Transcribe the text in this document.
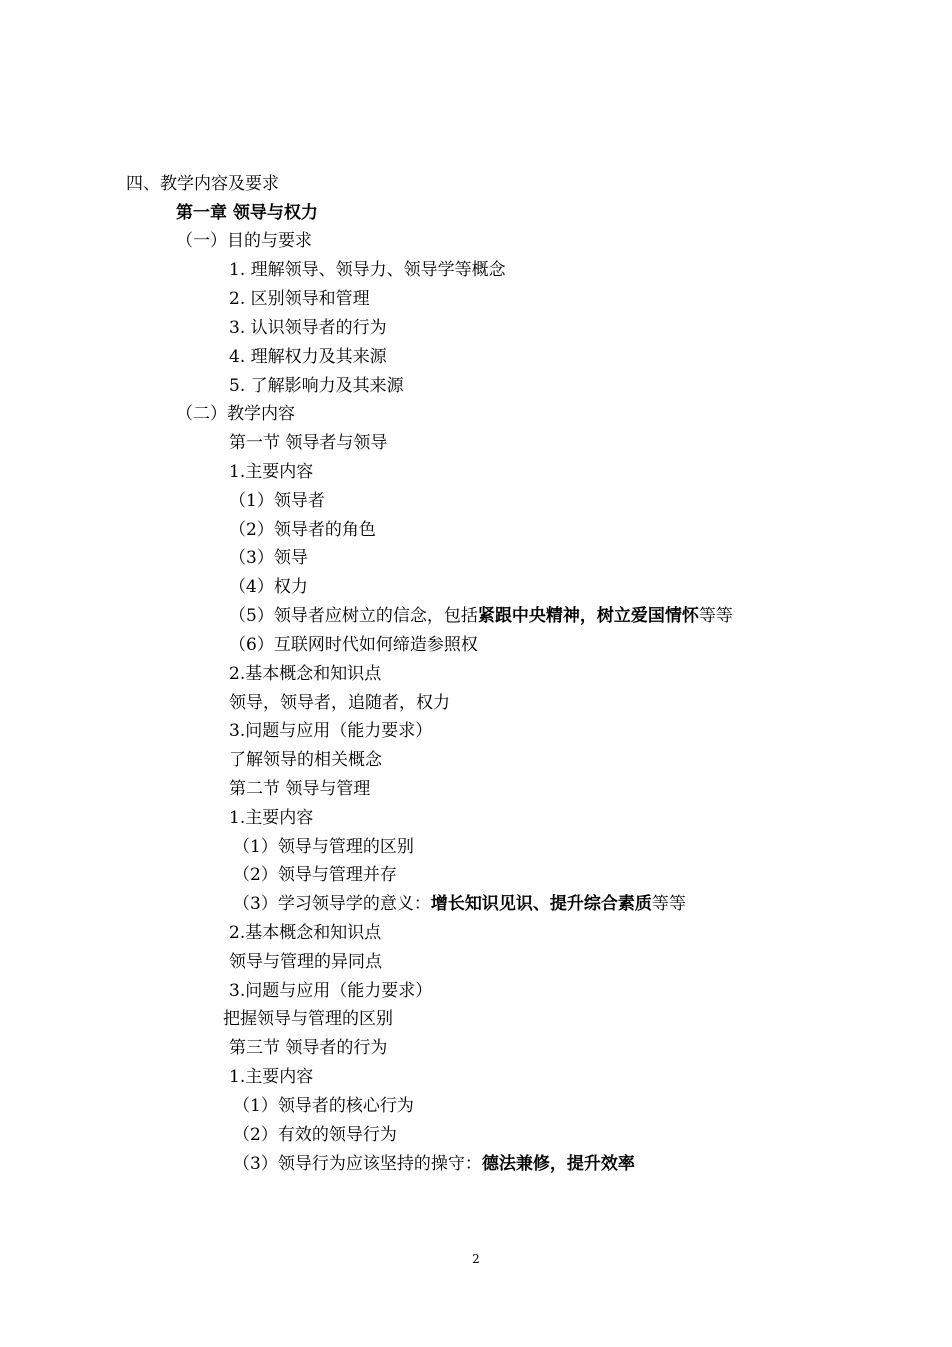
四、教学内容及要求
第一章 领导与权力
（一）目的与要求
1. 理解领导、领导力、领导学等概念
2. 区别领导和管理
3. 认识领导者的行为
4. 理解权力及其来源
5. 了解影响力及其来源
（二）教学内容
第一节 领导者与领导
1.主要内容
（1）领导者
（2）领导者的角色
（3）领导
（4）权力
（5）领导者应树立的信念，包括紧跟中央精神，树立爱国情怀等等
（6）互联网时代如何缔造参照权
2.基本概念和知识点
领导，领导者，追随者，权力
3.问题与应用（能力要求）
了解领导的相关概念
第二节 领导与管理
1.主要内容
（1）领导与管理的区别
（2）领导与管理并存
（3）学习领导学的意义：增长知识见识、提升综合素质等等
2.基本概念和知识点
领导与管理的异同点
3.问题与应用（能力要求）
把握领导与管理的区别
第三节 领导者的行为
1.主要内容
（1）领导者的核心行为
（2）有效的领导行为
（3）领导行为应该坚持的操守：德法兼修，提升效率
2
